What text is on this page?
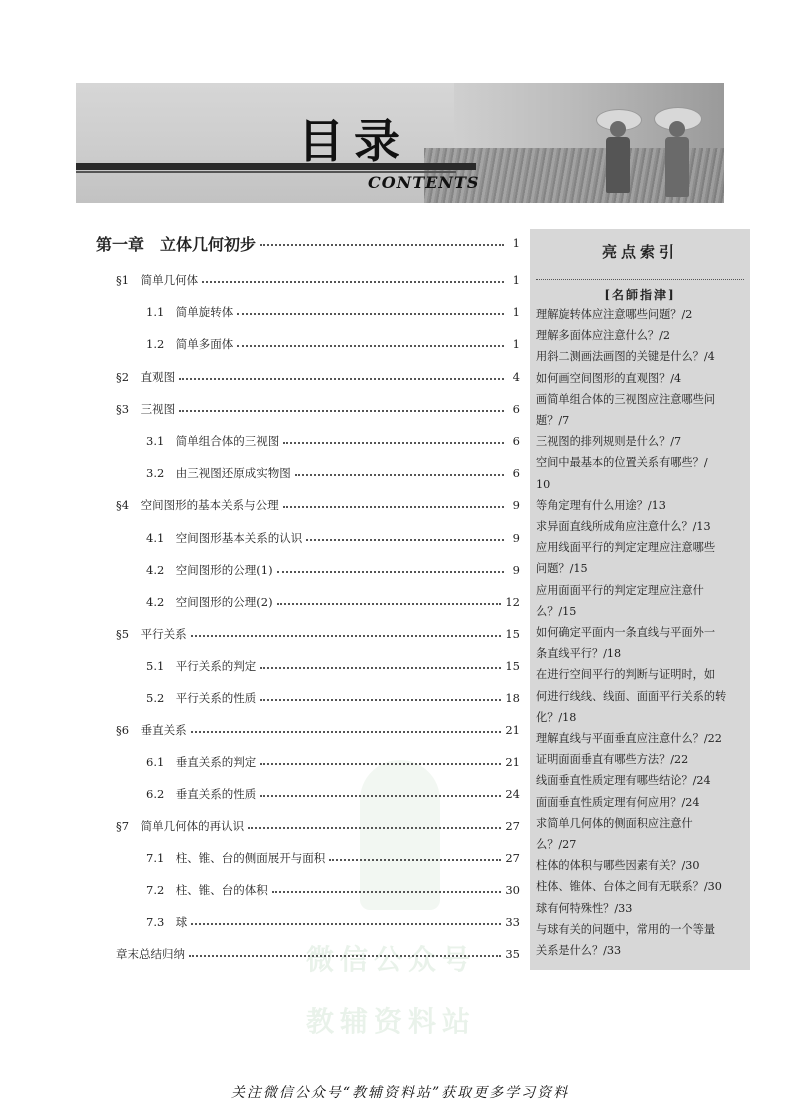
目录
CONTENTS
微信公众号
教辅资料站
第一章　立体几何初步	1
§1　简单几何体	1
1.1　简单旋转体	1
1.2　简单多面体	1
§2　直观图	4
§3　三视图	6
3.1　简单组合体的三视图	6
3.2　由三视图还原成实物图	6
§4　空间图形的基本关系与公理	9
4.1　空间图形基本关系的认识	9
4.2　空间图形的公理(1)	9
4.2　空间图形的公理(2)	12
§5　平行关系	15
5.1　平行关系的判定	15
5.2　平行关系的性质	18
§6　垂直关系	21
6.1　垂直关系的判定	21
6.2　垂直关系的性质	24
§7　简单几何体的再认识	27
7.1　柱、锥、台的侧面展开与面积	27
7.2　柱、锥、台的体积	30
7.3　球	33
章末总结归纳	35
亮点索引
[名師指津]
理解旋转体应注意哪些问题？/2
理解多面体应注意什么？/2
用斜二测画法画图的关键是什么？/4
如何画空间图形的直观图？/4
画简单组合体的三视图应注意哪些问
题？/7
三视图的排列规则是什么？/7
空间中最基本的位置关系有哪些？/
10
等角定理有什么用途？/13
求异面直线所成角应注意什么？/13
应用线面平行的判定定理应注意哪些
问题？/15
应用面面平行的判定定理应注意什
么？/15
如何确定平面内一条直线与平面外一
条直线平行？/18
在进行空间平行的判断与证明时，如
何进行线线、线面、面面平行关系的转
化？/18
理解直线与平面垂直应注意什么？/22
证明面面垂直有哪些方法？/22
线面垂直性质定理有哪些结论？/24
面面垂直性质定理有何应用？/24
求简单几何体的侧面积应注意什
么？/27
柱体的体积与哪些因素有关？/30
柱体、锥体、台体之间有无联系？/30
球有何特殊性？/33
与球有关的问题中，常用的一个等量
关系是什么？/33
关注微信公众号“教辅资料站”获取更多学习资料
